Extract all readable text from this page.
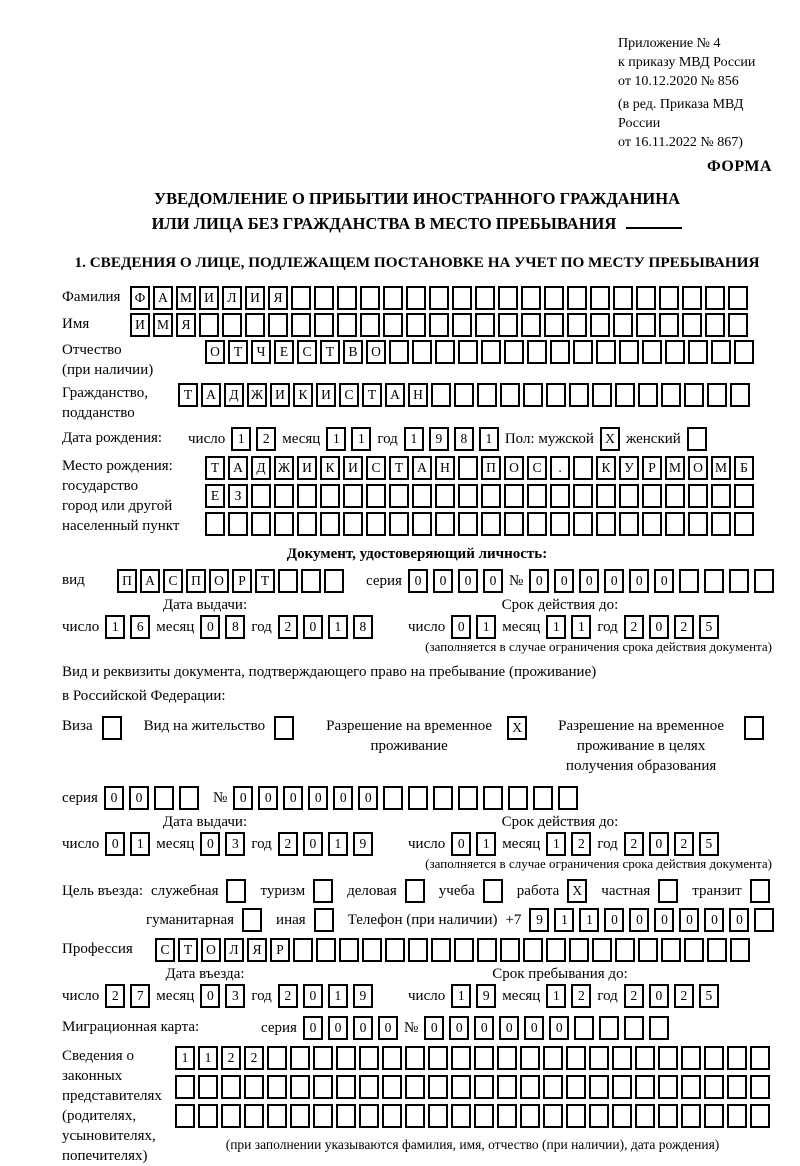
Приложение № 4
к приказу МВД России
от 10.12.2020 № 856
(в ред. Приказа МВД России
от 16.11.2022 № 867)
ФОРМА
УВЕДОМЛЕНИЕ О ПРИБЫТИИ ИНОСТРАННОГО ГРАЖДАНИНА
ИЛИ ЛИЦА БЕЗ ГРАЖДАНСТВА В МЕСТО ПРЕБЫВАНИЯ
1. СВЕДЕНИЯ О ЛИЦЕ, ПОДЛЕЖАЩЕМ ПОСТАНОВКЕ НА УЧЕТ ПО МЕСТУ ПРЕБЫВАНИЯ
Фамилия	Ф А М И	Л	И	Я
Имя	И М Я
Отчество
(при наличии)
О	Т	Ч	Е	С	Т	В	О
Гражданство,
подданство
Т	А	Д Ж И	К	И	С	Т	А Н
Дата рождения:	число 1	2 месяц 1	1 год 1	9	8	1 Пол: мужской X женский
Место рождения:
государство
город или другой
населенный пункт
Т	А	Д Ж И	К	И	С	Т	А Н	П О	С	.	К	У	Р М О М Б
Е	З
Документ, удостоверяющий личность:
вид	П А	С	П О	Р	Т	серия 0	0	0	0 № 0	0	0	0	0	0
Дата выдачи:
число 1	6 месяц 0	8 год 2	0	1	8
Срок действия до:
число 0	1 месяц 1	1 год 2	0	2	5
(заполняется в случае ограничения срока действия документа)
Вид и реквизиты документа, подтверждающего право на пребывание (проживание)
в Российской Федерации:
Виза	Вид на жительство	Разрешение на временное проживание
X	Разрешение на временное проживание в целях получения образования
серия 0	0	№ 0	0	0	0	0	0
Дата выдачи:
число 0	1 месяц 0	3 год 2	0	1	9
Срок действия до:
число 0	1 месяц 1	2 год 2	0	2	5
(заполняется в случае ограничения срока действия документа)
Цель въезда: служебная	туризм	деловая	учеба	работа X	частная	транзит
гуманитарная	иная	Телефон (при наличии) +7	9	1	1	0	0	0	0	0	0
Профессия	С	Т	О	Л	Я	Р
Дата въезда:
число 2	7 месяц 0	3 год 2	0	1	9
Срок пребывания до:
число 1	9 месяц 1	2 год 2	0	2	5
Миграционная карта:	серия 0	0	0	0 № 0	0	0	0	0	0
Сведения о
законных
представителях
(родителях,
усыновителях,
попечителях)
1	1	2	2
(при заполнении указываются фамилия, имя, отчество (при наличии), дата рождения)
